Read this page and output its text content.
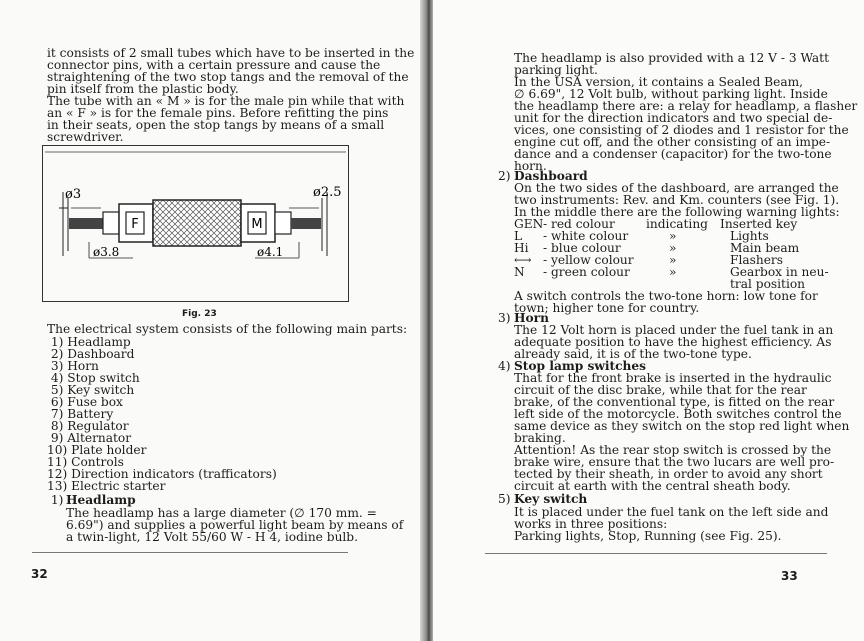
it consists of 2 small tubes which have to be inserted in the
connector pins, with a certain pressure and cause the
straightening of the two stop tangs and the removal of the
pin itself from the plastic body.
The tube with an « M » is for the male pin while that with
an « F » is for the female pins. Before refitting the pins
in their seats, open the stop tangs by means of a small
screwdriver.
F	M
ø3	ø2.5
ø3.8	ø4.1
Fig. 23
The electrical system consists of the following main parts:
1) Headlamp
2) Dashboard
3) Horn
4) Stop switch
5) Key switch
6) Fuse box
7) Battery
8) Regulator
9) Alternator
10) Plate holder
11) Controls
12) Direction indicators (trafficators)
13) Electric starter
1) Headlamp
The headlamp has a large diameter (∅ 170 mm. =
6.69") and supplies a powerful light beam by means of
a twin-light, 12 Volt 55/60 W - H 4, iodine bulb.
32
The headlamp is also provided with a 12 V - 3 Watt
parking light.
In the USA version, it contains a Sealed Beam,
∅ 6.69", 12 Volt bulb, without parking light. Inside
the headlamp there are: a relay for headlamp, a flasher
unit for the direction indicators and two special de-
vices, one consisting of 2 diodes and 1 resistor for the
engine cut off, and the other consisting of an impe-
dance and a condenser (capacitor) for the two-tone
horn.
2) Dashboard
On the two sides of the dashboard, are arranged the
two instruments: Rev. and Km. counters (see Fig. 1).
In the middle there are the following warning lights:
GEN - red colour	indicating Inserted key
L - white colour	»	Lights
Hi - blue colour	»	Main beam
⟷ - yellow colour	»	Flashers
N - green colour	»	Gearbox in neu-
tral position
A switch controls the two-tone horn: low tone for
town; higher tone for country.
3) Horn
The 12 Volt horn is placed under the fuel tank in an
adequate position to have the highest efficiency. As
already said, it is of the two-tone type.
4) Stop lamp switches
That for the front brake is inserted in the hydraulic
circuit of the disc brake, while that for the rear
brake, of the conventional type, is fitted on the rear
left side of the motorcycle. Both switches control the
same device as they switch on the stop red light when
braking.
Attention! As the rear stop switch is crossed by the
brake wire, ensure that the two lucars are well pro-
tected by their sheath, in order to avoid any short
circuit at earth with the central sheath body.
5) Key switch
It is placed under the fuel tank on the left side and
works in three positions:
Parking lights, Stop, Running (see Fig. 25).
33
